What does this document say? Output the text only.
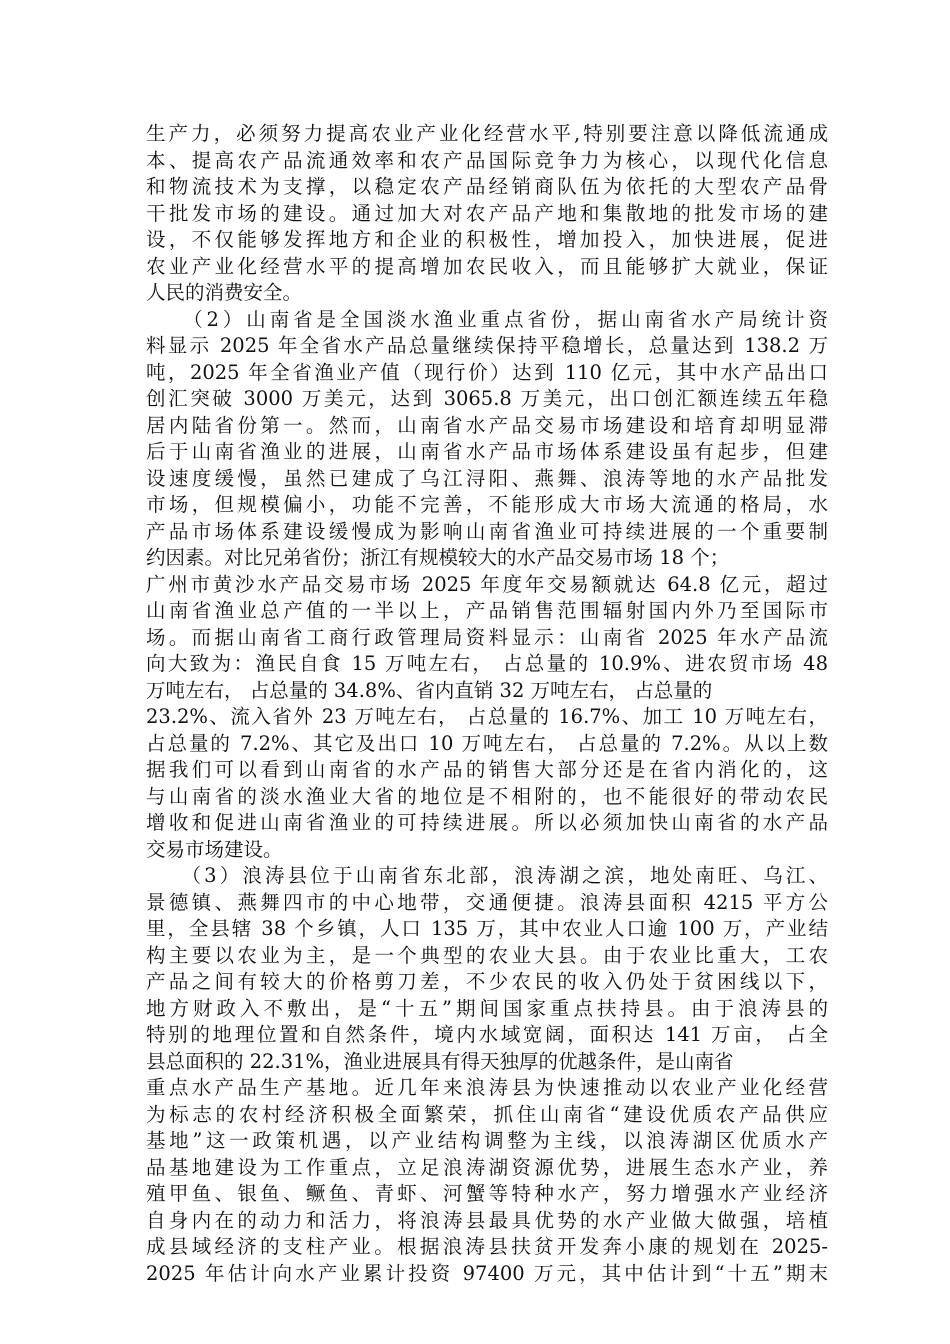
生产力，必须努力提高农业产业化经营水平,特别要注意以降低流通成
本、提高农产品流通效率和农产品国际竞争力为核心，以现代化信息
和物流技术为支撑，以稳定农产品经销商队伍为依托的大型农产品骨
干批发市场的建设。通过加大对农产品产地和集散地的批发市场的建
设，不仅能够发挥地方和企业的积极性，增加投入，加快进展，促进
农业产业化经营水平的提高增加农民收入，而且能够扩大就业，保证
人民的消费安全。
　　（2）山南省是全国淡水渔业重点省份，据山南省水产局统计资
料显示 2025 年全省水产品总量继续保持平稳增长，总量达到 138.2 万
吨，2025 年全省渔业产值（现行价）达到 110 亿元，其中水产品出口
创汇突破 3000 万美元，达到 3065.8 万美元，出口创汇额连续五年稳
居内陆省份第一。然而，山南省水产品交易市场建设和培育却明显滞
后于山南省渔业的进展，山南省水产品市场体系建设虽有起步，但建
设速度缓慢，虽然已建成了乌江浔阳、燕舞、浪涛等地的水产品批发
市场，但规模偏小，功能不完善，不能形成大市场大流通的格局，水
产品市场体系建设缓慢成为影响山南省渔业可持续进展的一个重要制
约因素。对比兄弟省份；浙江有规模较大的水产品交易市场 18 个；
广州市黄沙水产品交易市场 2025 年度年交易额就达 64.8 亿元，超过
山南省渔业总产值的一半以上，产品销售范围辐射国内外乃至国际市
场。而据山南省工商行政管理局资料显示：山南省 2025 年水产品流
向大致为：渔民自食 15 万吨左右， 占总量的 10.9%、进农贸市场 48
万吨左右， 占总量的 34.8%、省内直销 32 万吨左右， 占总量的
23.2%、流入省外 23 万吨左右， 占总量的 16.7%、加工 10 万吨左右，
占总量的 7.2%、其它及出口 10 万吨左右， 占总量的 7.2%。从以上数
据我们可以看到山南省的水产品的销售大部分还是在省内消化的，这
与山南省的淡水渔业大省的地位是不相附的，也不能很好的带动农民
增收和促进山南省渔业的可持续进展。所以必须加快山南省的水产品
交易市场建设。
　　（3）浪涛县位于山南省东北部，浪涛湖之滨，地处南旺、乌江、
景德镇、燕舞四市的中心地带，交通便捷。浪涛县面积 4215 平方公
里，全县辖 38 个乡镇，人口 135 万，其中农业人口逾 100 万，产业结
构主要以农业为主，是一个典型的农业大县。由于农业比重大，工农
产品之间有较大的价格剪刀差，不少农民的收入仍处于贫困线以下，
地方财政入不敷出，是“十五”期间国家重点扶持县。由于浪涛县的
特别的地理位置和自然条件，境内水域宽阔，面积达 141 万亩， 占全
县总面积的 22.31%，渔业进展具有得天独厚的优越条件，是山南省
重点水产品生产基地。近几年来浪涛县为快速推动以农业产业化经营
为标志的农村经济积极全面繁荣，抓住山南省“建设优质农产品供应
基地”这一政策机遇，以产业结构调整为主线，以浪涛湖区优质水产
品基地建设为工作重点，立足浪涛湖资源优势，进展生态水产业，养
殖甲鱼、银鱼、鳜鱼、青虾、河蟹等特种水产，努力增强水产业经济
自身内在的动力和活力，将浪涛县最具优势的水产业做大做强，培植
成县域经济的支柱产业。根据浪涛县扶贫开发奔小康的规划在 2025-
2025 年估计向水产业累计投资 97400 万元，其中估计到“十五”期末
